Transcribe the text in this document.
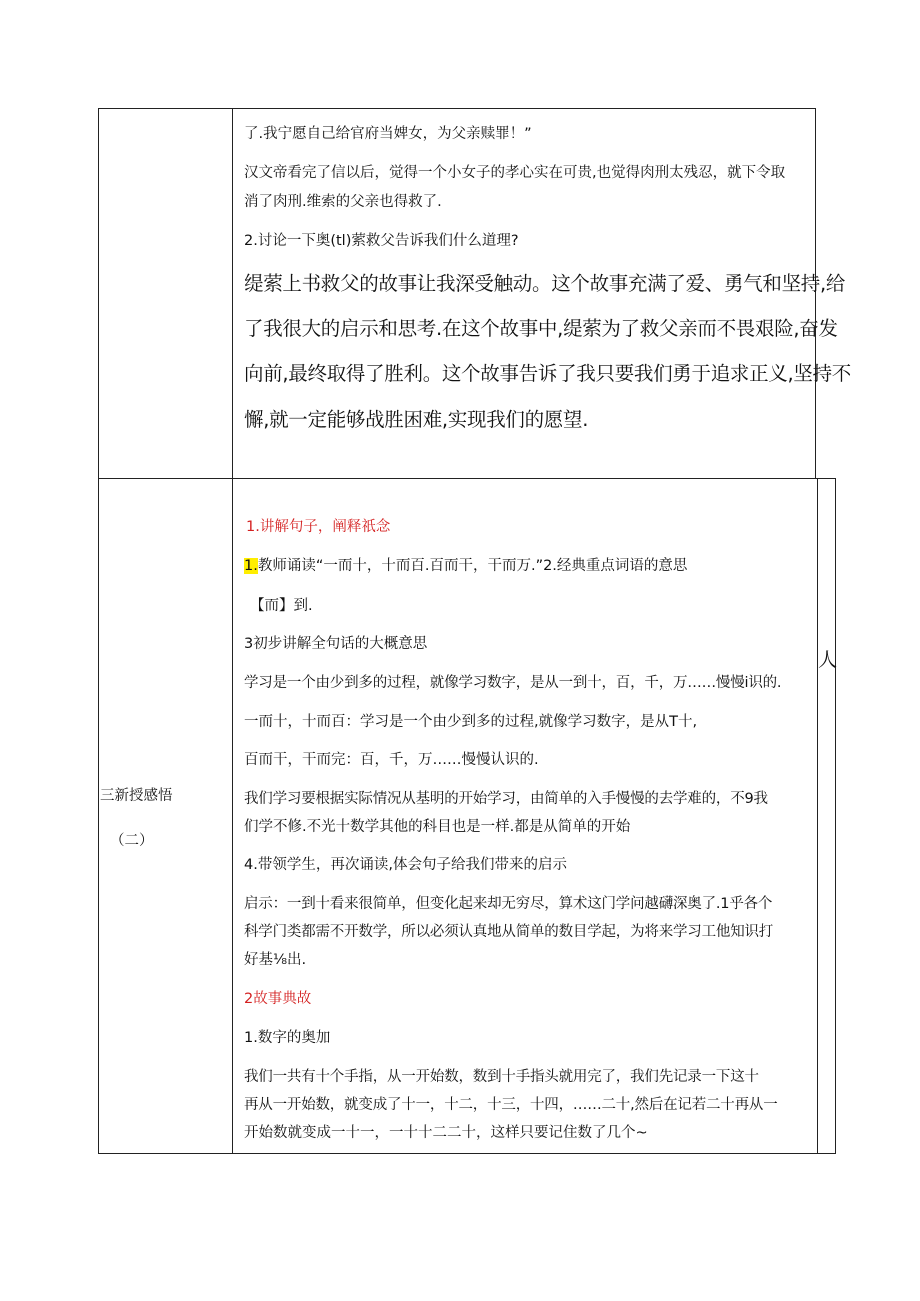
了.我宁愿自己给官府当婢女，为父亲赎罪！”
汉文帝看完了信以后，觉得一个小女子的孝心实在可贵,也觉得肉刑太残忍，就下令取
消了肉刑.维索的父亲也得救了.
2.讨论一下奥(tl)萦救父告诉我们什么道理?
缇萦上书救父的故事让我深受触动。这个故事充满了爱、勇气和坚持,给
了我很大的启示和思考.在这个故事中,缇萦为了救父亲而不畏艰险,奋发
向前,最终取得了胜利。这个故事告诉了我只要我们勇于追求正义,坚持不
懈,就一定能够战胜困难,实现我们的愿望.
三新授感悟
（二）
人
1.讲解句子，阐释祇念
1.教师诵读“一而十，十而百.百而干，干而万.”2.经典重点词语的意思
【而】到.
3初步讲解全句话的大概意思
学习是一个由少到多的过程，就像学习数字，是从一到十，百，千，万……慢慢i识的.
一而十，十而百：学习是一个由少到多的过程,就像学习数字，是从T十,
百而干，干而完：百，千，万……慢慢认识的.
我们学习要根据实际情况从基明的开始学习，由简单的入手慢慢的去学难的，不9我
们学不修.不光十数学其他的科目也是一样.都是从简单的开始
4.带领学生，再次诵读,体会句子给我们带来的启示
启示：一到十看来很简单，但变化起来却无穷尽，算术这门学问越礴深奥了.1乎各个
科学门类都需不开数学，所以必须认真地从简单的数目学起，为将来学习工他知识打
好基⅛出.
2故事典故
1.数字的奥加
我们一共有十个手指，从一开始数，数到十手指头就用完了，我们先记录一下这十
再从一开始数，就变成了十一，十二，十三，十四，……二十,然后在记若二十再从一
开始数就变成一十一，一十十二二十，这样只要记住数了几个~
